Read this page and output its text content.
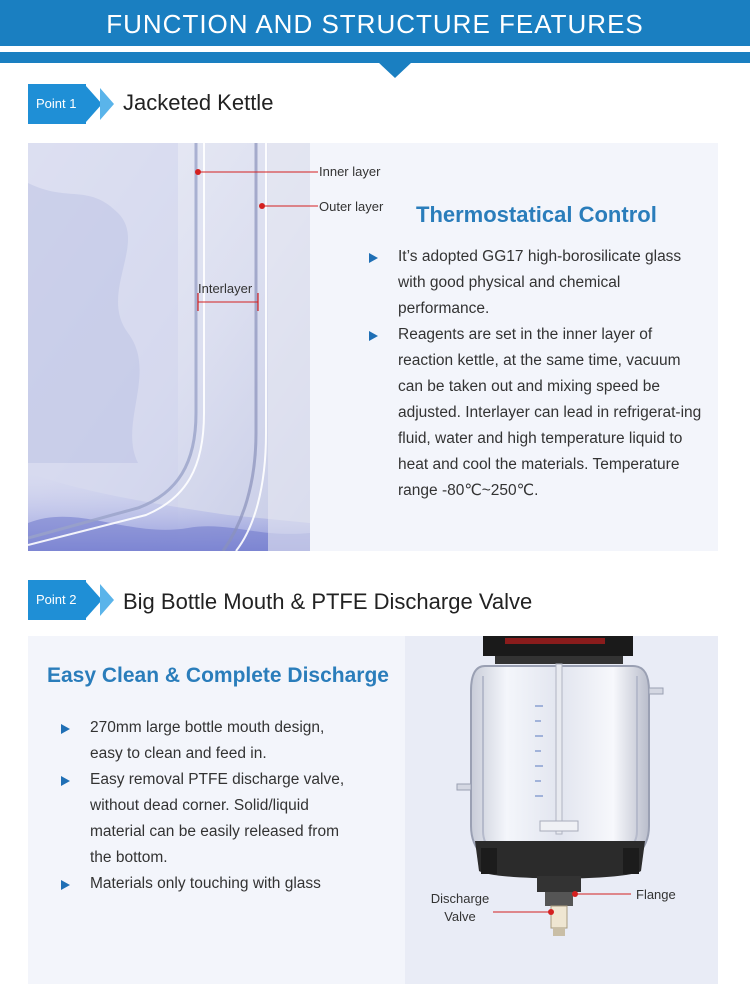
FUNCTION AND STRUCTURE FEATURES
Point 1	Jacketed Kettle
Interlayer
Inner layer
Outer layer Thermostatical Control
It’s adopted GG17 high-borosilicate glass with good physical and chemical performance.
Reagents are set in the inner layer of reaction kettle, at the same time, vacuum can be taken out and mixing speed be adjusted. Interlayer can lead in refrigerat-ing fluid, water and high temperature liquid to heat and cool the materials. Temperature range -80℃~250℃.
Point 2	Big Bottle Mouth & PTFE Discharge Valve
Easy Clean & Complete Discharge
270mm large bottle mouth design, easy to clean and feed in.
Easy removal PTFE discharge valve, without dead corner. Solid/liquid material can be easily released from the bottom.
Materials only touching with glass
Discharge
Valve
Flange
